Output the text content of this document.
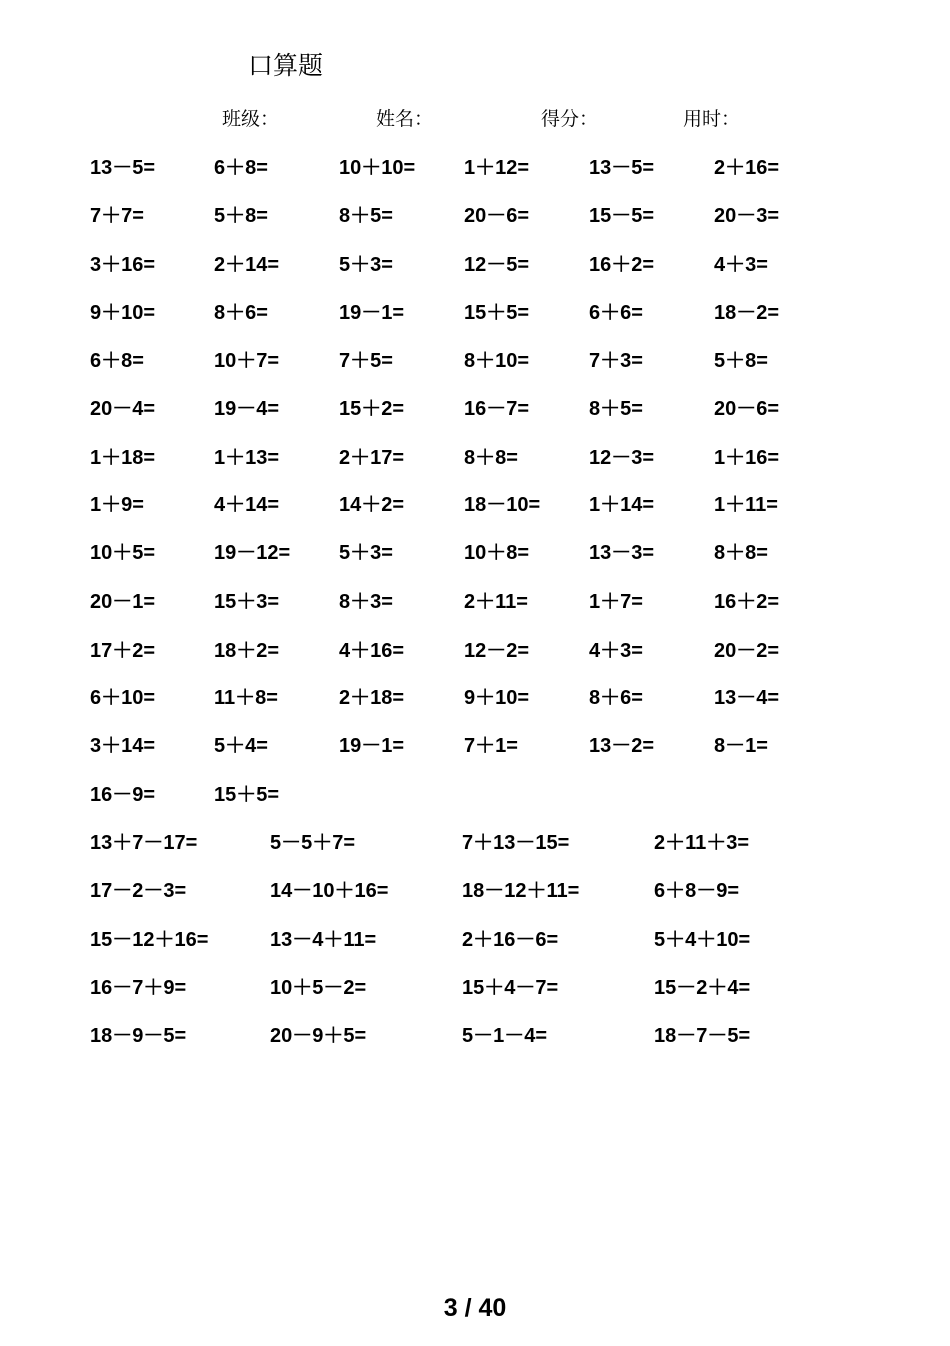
口算题
班级：	姓名：	得分：	用时：
13－5=	6＋8=	10＋10= 1＋12=	13－5=	2＋16=
7＋7=	5＋8=	8＋5=	20－6=	15－5=	20－3=
3＋16=	2＋14=	5＋3=	12－5=	16＋2=	4＋3=
9＋10=	8＋6=	19－1=	15＋5=	6＋6=	18－2=
6＋8=	10＋7=	7＋5=	8＋10=	7＋3=	5＋8=
20－4=	19－4=	15＋2=	16－7=	8＋5=	20－6=
1＋18=	1＋13=	2＋17=	8＋8=	12－3=	1＋16=
1＋9=	4＋14=	14＋2=	18－10= 1＋14=	1＋11=
10＋5=	19－12= 5＋3=	10＋8=	13－3=	8＋8=
20－1=	15＋3=	8＋3=	2＋11=	1＋7=	16＋2=
17＋2=	18＋2=	4＋16=	12－2=	4＋3=	20－2=
6＋10=	11＋8=	2＋18=	9＋10=	8＋6=	13－4=
3＋14=	5＋4=	19－1=	7＋1=	13－2=	8－1=
16－9=	15＋5=
13＋7－17=	5－5＋7=	7＋13－15=	2＋11＋3=
17－2－3=	14－10＋16=	18－12＋11=	6＋8－9=
15－12＋16=	13－4＋11=	2＋16－6=	5＋4＋10=
16－7＋9=	10＋5－2=	15＋4－7=	15－2＋4=
18－9－5=	20－9＋5=	5－1－4=	18－7－5=
3 / 40
